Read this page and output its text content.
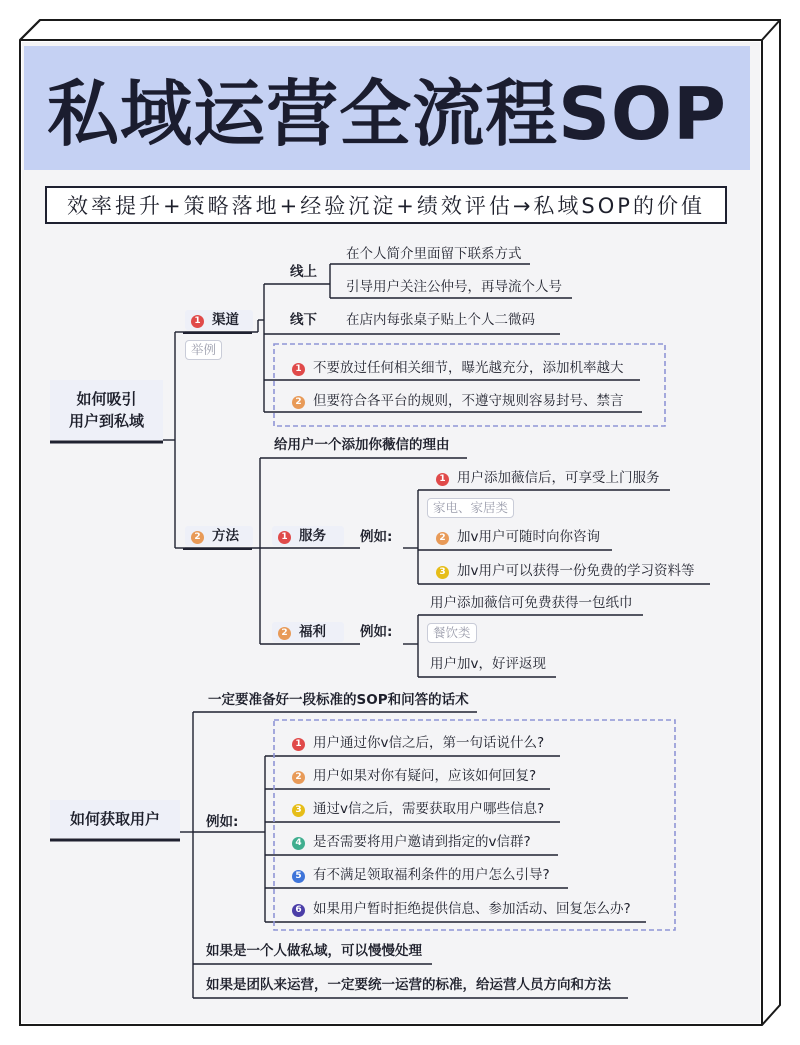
私域运营全流程SOP
效率提升+策略落地+经验沉淀+绩效评估→私域SOP的价值
如何吸引
用户到私域
1 渠道
举例
线上
在个人简介里面留下联系方式
引导用户关注公仲号，再导流个人号
线下 在店内每张桌子贴上个人二微码
1 不要放过任何相关细节，曝光越充分，添加机率越大
2 但要符合各平台的规则，不遵守规则容易封号、禁言
2 方法
给用户一个添加你薇信的理由
1 服务	例如:
1 用户添加薇信后，可享受上门服务
家电、家居类
2 加v用户可随时向你咨询
3 加v用户可以获得一份免费的学习资料等
2 福利	例如:
用户添加薇信可免费获得一包纸巾
餐饮类
用户加v，好评返现
如何获取用户
一定要准备好一段标准的SOP和问答的话术
例如:
1 用户通过你v信之后，第一句话说什么?
2 用户如果对你有疑问，应该如何回复?
3 通过v信之后，需要获取用户哪些信息?
4 是否需要将用户邀请到指定的v信群?
5 有不满足领取福利条件的用户怎么引导?
6 如果用户暂时拒绝提供信息、参加活动、回复怎么办?
如果是一个人做私域，可以慢慢处理
如果是团队来运营，一定要统一运营的标准，给运营人员方向和方法
